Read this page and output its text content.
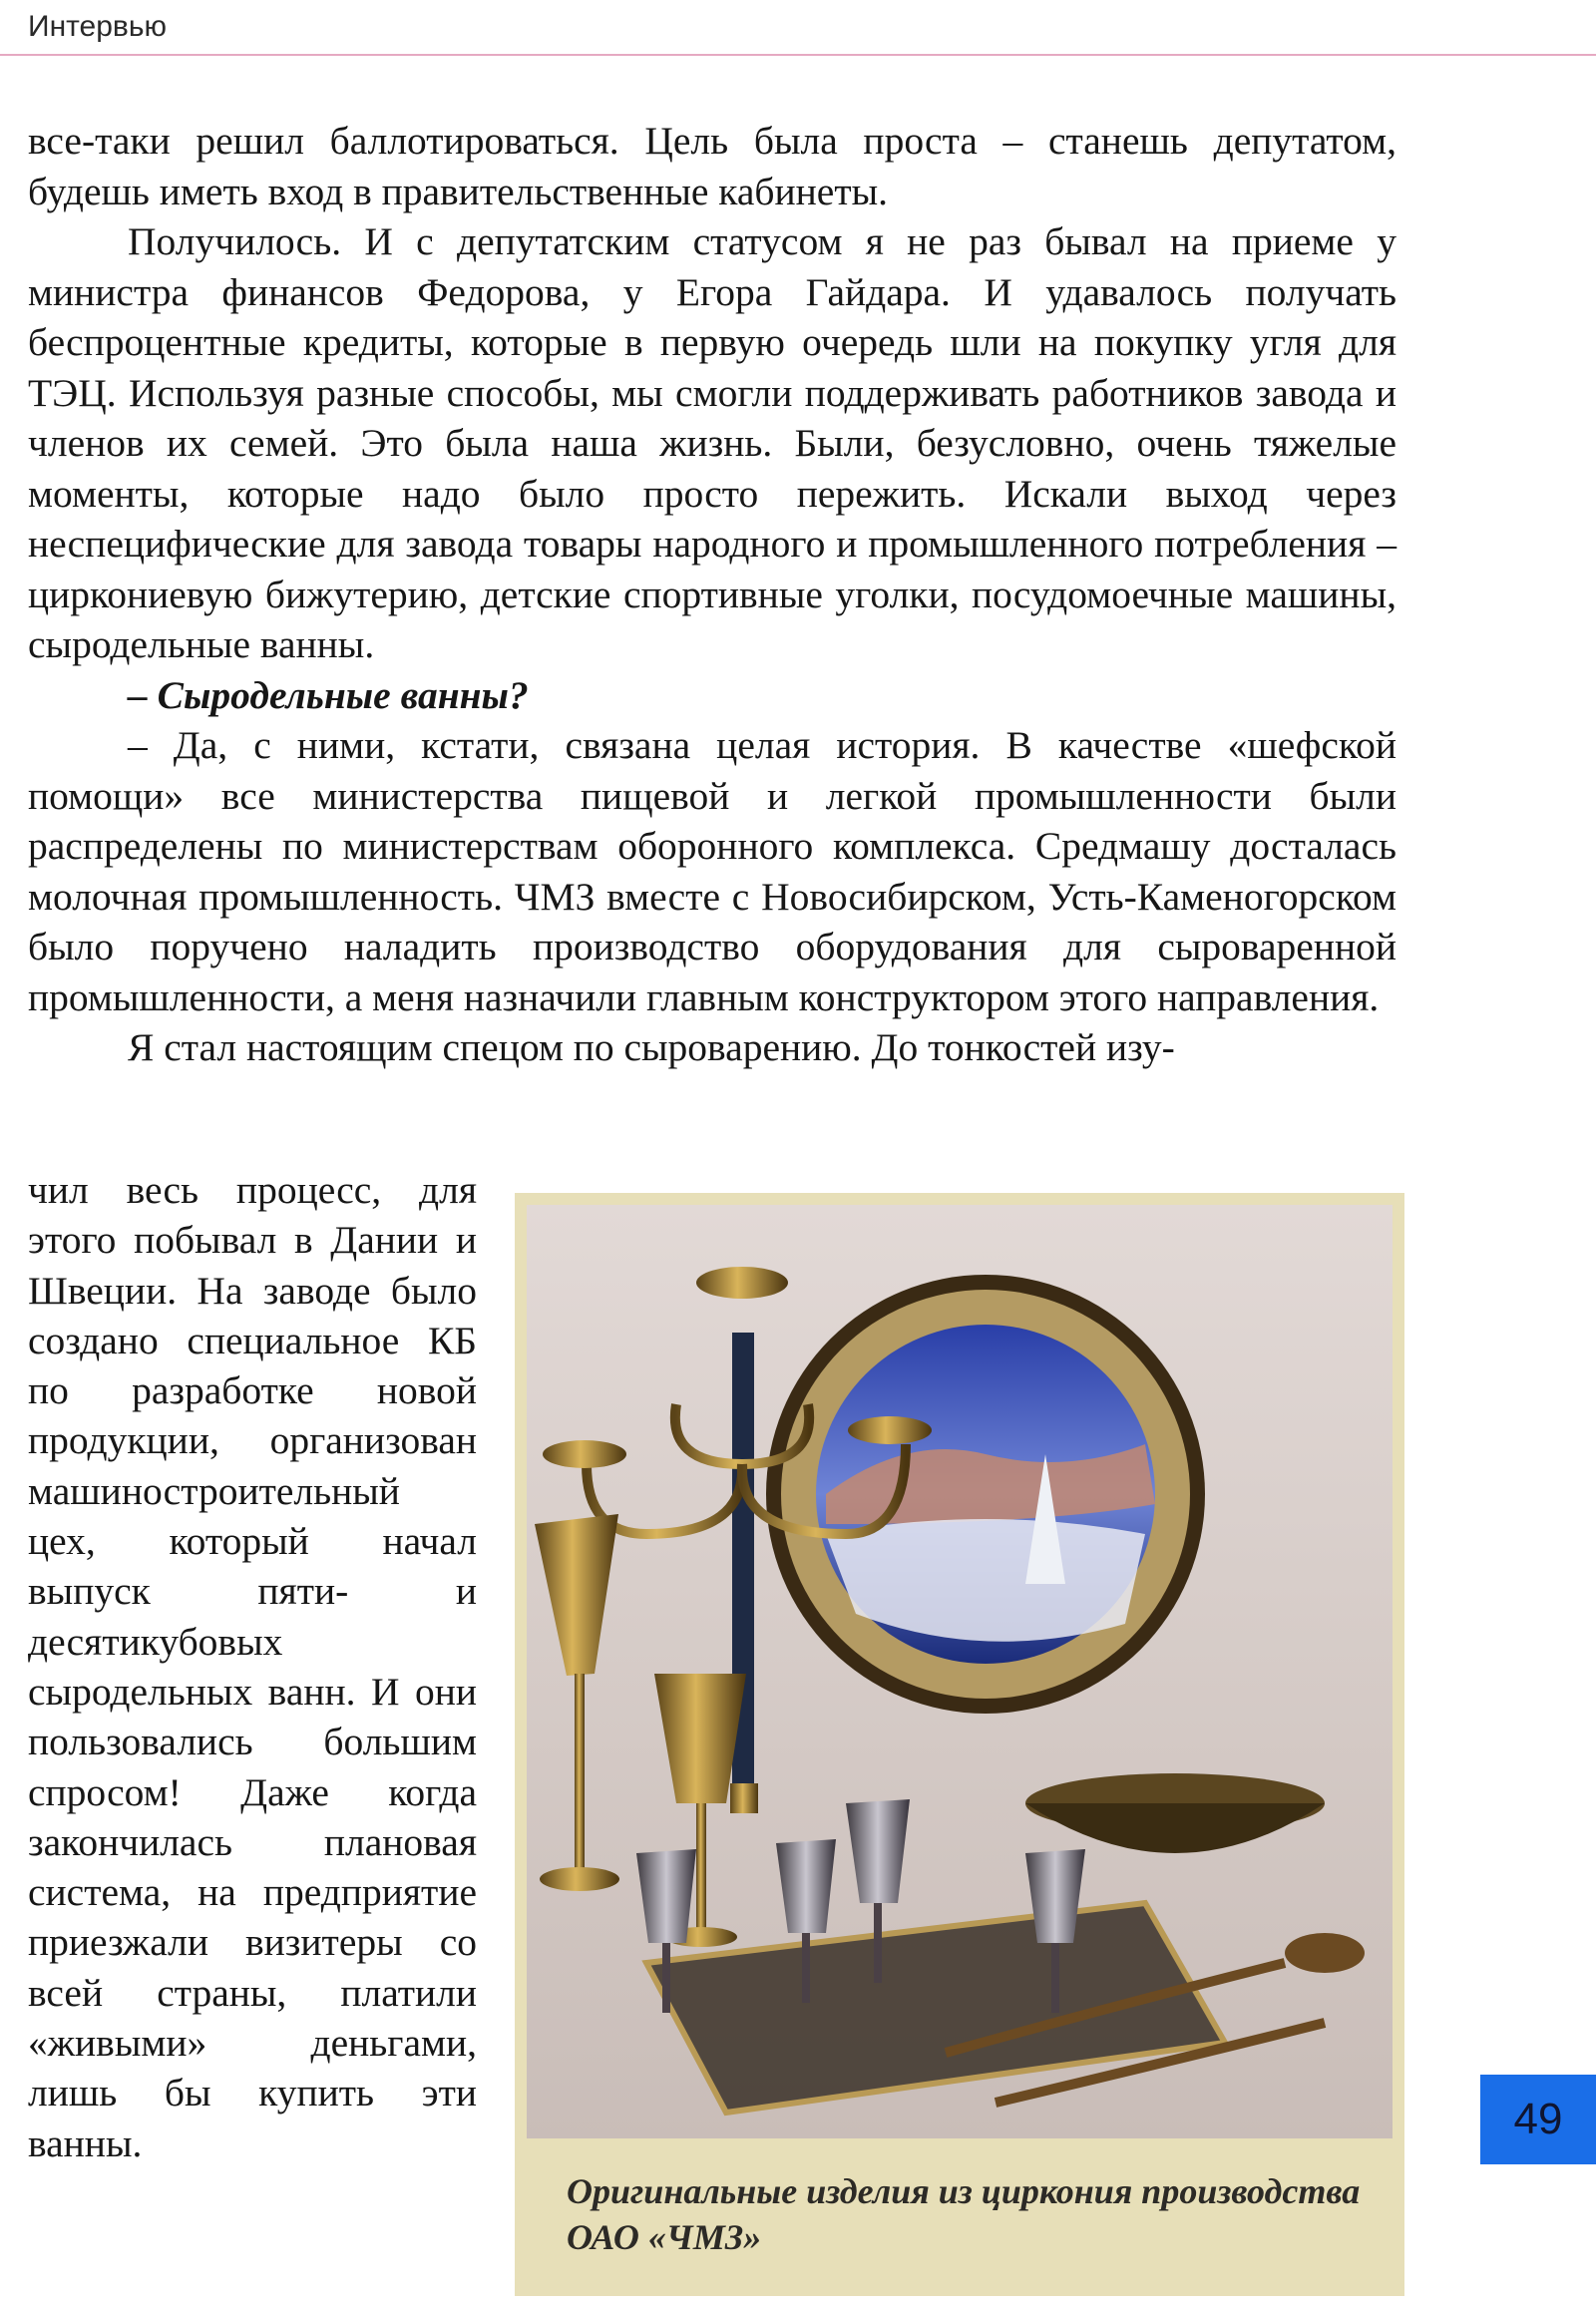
Интервью

все-таки решил баллотироваться. Цель была проста – станешь депутатом, будешь иметь вход в правительственные кабинеты.

Получилось. И с депутатским статусом я не раз бывал на приеме у министра финансов Федорова, у Егора Гайдара. И удавалось получать беспроцентные кредиты, которые в первую очередь шли на покупку угля для ТЭЦ. Используя разные способы, мы смогли поддерживать работников завода и членов их семей. Это была наша жизнь. Были, безусловно, очень тяжелые моменты, которые надо было просто пережить. Искали выход через неспецифические для завода товары народного и промышленного потребления – циркониевую бижутерию, детские спортивные уголки, посудомоечные машины, сыродельные ванны.

– Сыродельные ванны?

– Да, с ними, кстати, связана целая история. В качестве «шефской помощи» все министерства пищевой и легкой промышленности были распределены по министерствам оборонного комплекса. Средмашу досталась молочная промышленность. ЧМЗ вместе с Новосибирском, Усть-Каменогорском было поручено наладить производство оборудования для сыроваренной промышленности, а меня назначили главным конструктором этого направления.

Я стал настоящим спецом по сыроварению. До тонкостей изу-

чил весь процесс, для этого побывал в Дании и Швеции. На заводе было создано специальное КБ по разработке новой продукции, организован машиностроительный цех, который начал выпуск пяти- и десятикубовых сыродельных ванн. И они пользовались большим спросом! Даже когда закончилась плановая система, на предприятие приезжали визитеры со всей страны, платили «живыми» деньгами, лишь бы купить эти ванны.
Оригинальные изделия из циркония производства ОАО «ЧМЗ»
49
